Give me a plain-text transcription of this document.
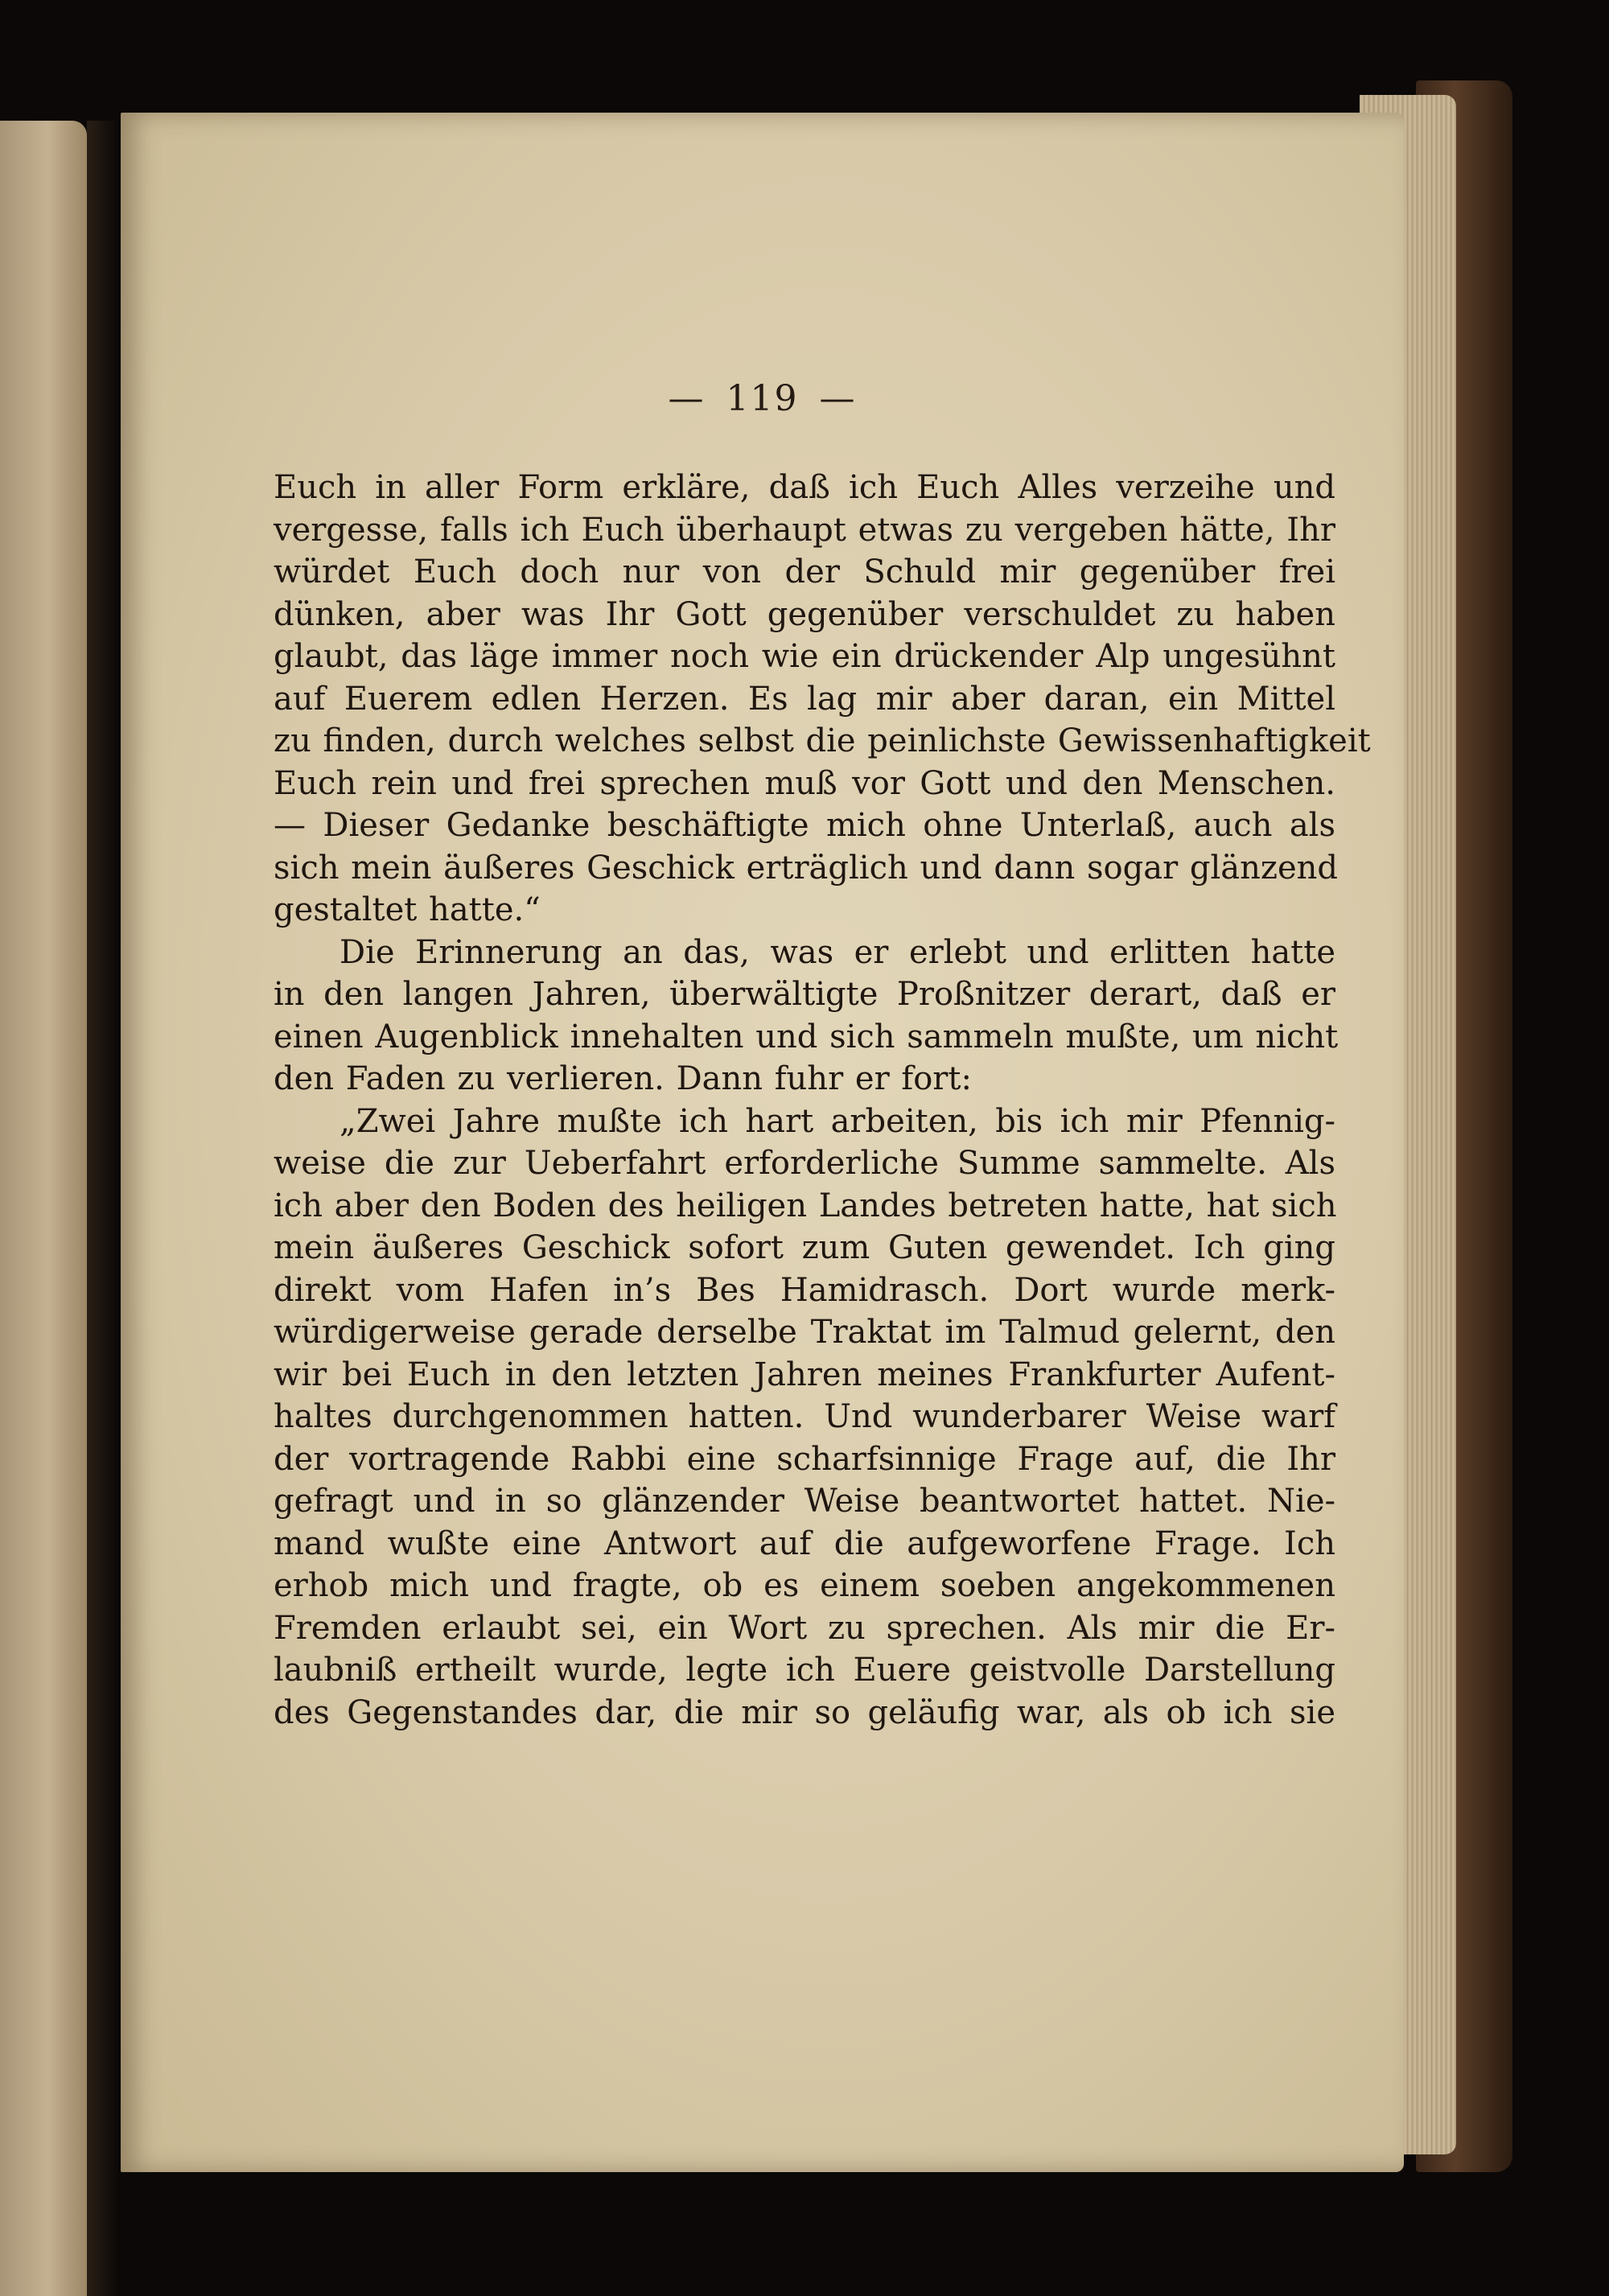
— 119 —
Euch in aller Form erkläre, daß ich Euch Alles verzeihe und
vergesse, falls ich Euch überhaupt etwas zu vergeben hätte, Ihr
würdet Euch doch nur von der Schuld mir gegenüber frei
dünken, aber was Ihr Gott gegenüber verschuldet zu haben
glaubt, das läge immer noch wie ein drückender Alp ungesühnt
auf Euerem edlen Herzen. Es lag mir aber daran, ein Mittel
zu finden, durch welches selbst die peinlichste Gewissenhaftigkeit
Euch rein und frei sprechen muß vor Gott und den Menschen.
— Dieser Gedanke beschäftigte mich ohne Unterlaß, auch als
sich mein äußeres Geschick erträglich und dann sogar glänzend
gestaltet hatte.“
Die Erinnerung an das, was er erlebt und erlitten hatte
in den langen Jahren, überwältigte Proßnitzer derart, daß er
einen Augenblick innehalten und sich sammeln mußte, um nicht
den Faden zu verlieren. Dann fuhr er fort:
„Zwei Jahre mußte ich hart arbeiten, bis ich mir Pfennig-
weise die zur Ueberfahrt erforderliche Summe sammelte. Als
ich aber den Boden des heiligen Landes betreten hatte, hat sich
mein äußeres Geschick sofort zum Guten gewendet. Ich ging
direkt vom Hafen in’s Bes Hamidrasch. Dort wurde merk-
würdigerweise gerade derselbe Traktat im Talmud gelernt, den
wir bei Euch in den letzten Jahren meines Frankfurter Aufent-
haltes durchgenommen hatten. Und wunderbarer Weise warf
der vortragende Rabbi eine scharfsinnige Frage auf, die Ihr
gefragt und in so glänzender Weise beantwortet hattet. Nie-
mand wußte eine Antwort auf die aufgeworfene Frage. Ich
erhob mich und fragte, ob es einem soeben angekommenen
Fremden erlaubt sei, ein Wort zu sprechen. Als mir die Er-
laubniß ertheilt wurde, legte ich Euere geistvolle Darstellung
des Gegenstandes dar, die mir so geläufig war, als ob ich sie
